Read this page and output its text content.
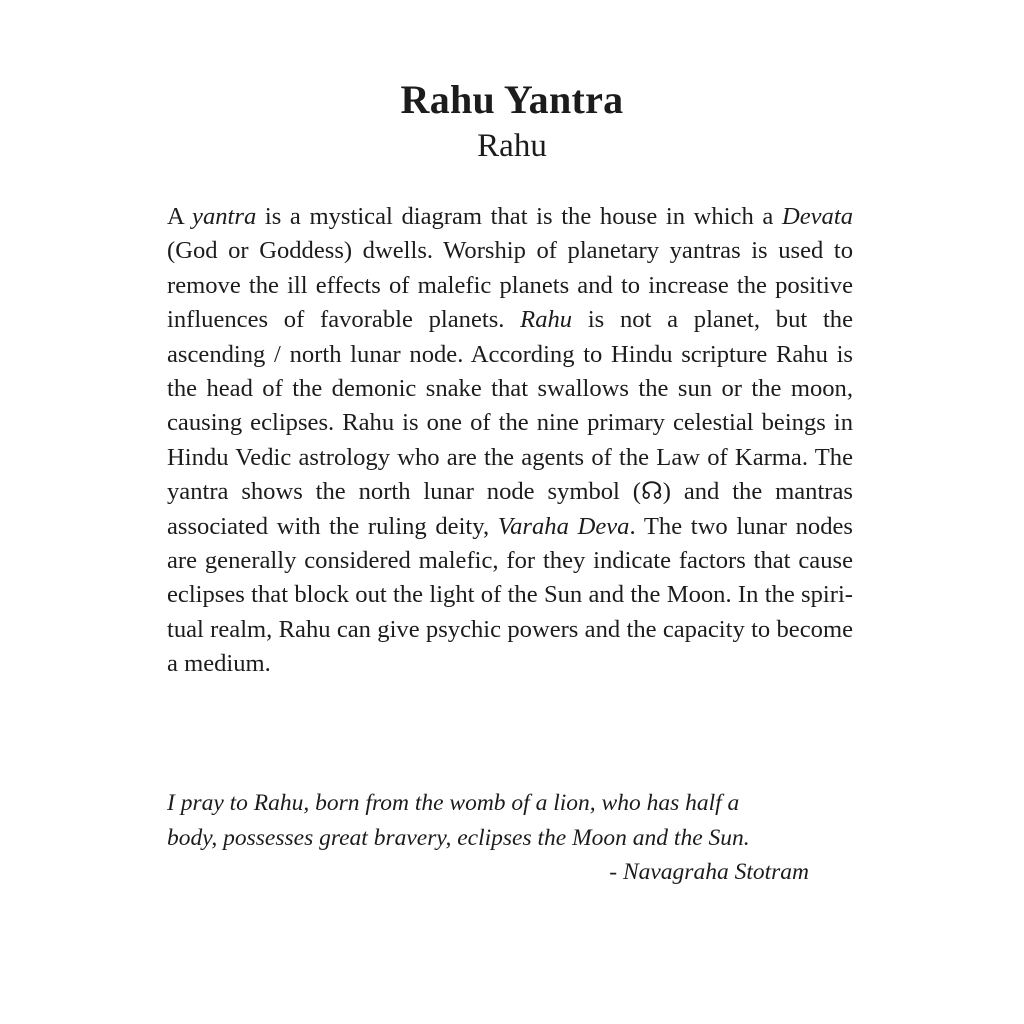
Rahu Yantra
Rahu

A yantra is a mystical diagram that is the house in which a Devata (God or Goddess) dwells. Worship of planetary yantras is used to remove the ill effects of malefic planets and to increase the positive influences of favorable planets. Rahu is not a planet, but the ascending / north lunar node. According to Hindu scripture Rahu is the head of the demonic snake that swallows the sun or the moon, causing eclipses. Rahu is one of the nine primary celestial beings in Hindu Vedic astrology who are the agents of the Law of Karma. The yantra shows the north lunar node symbol (☊) and the mantras associated with the ruling deity, Varaha Deva. The two lunar nodes are generally considered malefic, for they indicate factors that cause eclipses that block out the light of the Sun and the Moon. In the spiritual realm, Rahu can give psychic powers and the capacity to become a medium.

I pray to Rahu, born from the womb of a lion, who has half a
body, possesses great bravery, eclipses the Moon and the Sun.

- Navagraha Stotram
